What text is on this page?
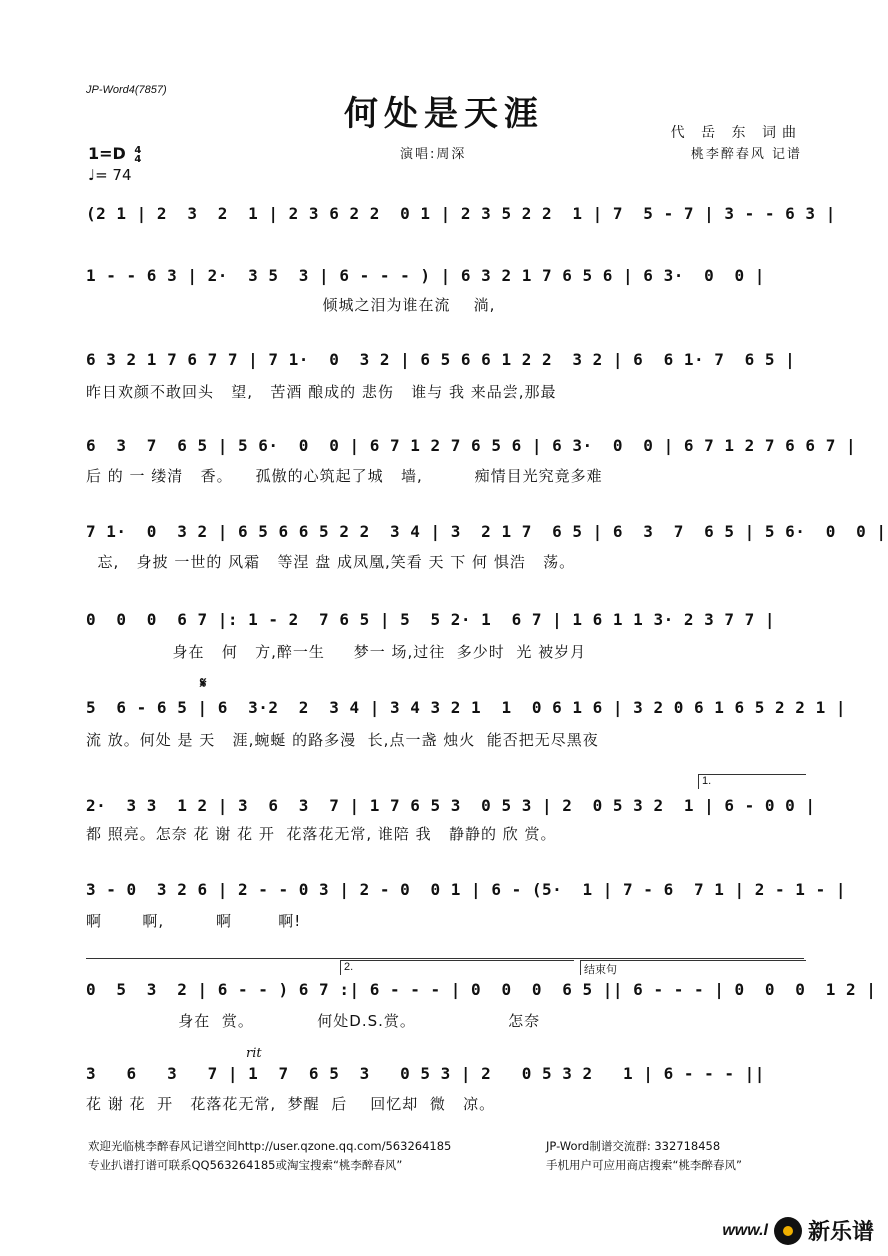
JP-Word4(7857)
何处是天涯	代 岳 东 词曲
桃李醉春风 记谱
演唱:周深
1=D 4
4
♩= 74
(2 1 | 2  3  2  1 | 2 3 6 2 2  0 1 | 2 3 5 2 2  1 | 7  5 - 7 | 3 - - 6 3 |
1 - - 6 3 | 2·  3 5  3 | 6 - - - ) | 6 3 2 1 7 6 5 6 | 6 3·  0  0 |
倾城之泪为谁在流    淌,
6 3 2 1 7 6 7 7 | 7 1·  0  3 2 | 6 5 6 6 1 2 2  3 2 | 6  6 1· 7  6 5 |
昨日欢颜不敢回头   望,   苦酒 酿成的 悲伤   谁与 我 来品尝,那最
6  3  7  6 5 | 5 6·  0  0 | 6 7 1 2 7 6 5 6 | 6 3·  0  0 | 6 7 1 2 7 6 6 7 |
后 的 一 缕清   香。    孤傲的心筑起了城   墙,         痴情目光究竟多难
7 1·  0  3 2 | 6 5 6 6 5 2 2  3 4 | 3  2 1 7  6 5 | 6  3  7  6 5 | 5 6·  0  0 |
忘,   身披 一世的 风霜   等涅 盘 成凤凰,笑看 天 下 何 惧浩   荡。
0  0  0  6 7 |: 1 - 2  7 6 5 | 5  5 2· 1  6 7 | 1 6 1 1 3· 2 3 7 7 |
身在   何   方,醉一生     梦一 场,过往  多少时  光 被岁月
𝄋
5  6 - 6 5 | 6  3·2  2  3 4 | 3 4 3 2 1  1  0 6 1 6 | 3 2 0 6 1 6 5 2 2 1 |
流 放。何处 是 天   涯,蜿蜒 的路多漫  长,点一盏 烛火  能否把无尽黑夜
1.
2·  3 3  1 2 | 3  6  3  7 | 1 7 6 5 3  0 5 3 | 2  0 5 3 2  1 | 6 - 0 0 |
都 照亮。怎奈 花 谢 花 开  花落花无常, 谁陪 我   静静的 欣 赏。
3 - 0  3 2 6 | 2 - - 0 3 | 2 - 0  0 1 | 6 - (5·  1 | 7 - 6  7 1 | 2 - 1 - |
啊       啊,         啊        啊!
2.	结束句
0  5  3  2 | 6 - - ) 6 7 :| 6 - - - | 0  0  0  6 5 || 6 - - - | 0  0  0  1 2 |
身在  赏。           何处D.S.赏。                怎奈
rit
3   6   3   7 | 1  7  6 5  3   0 5 3 | 2   0 5 3 2   1 | 6 - - - ||
花 谢 花  开   花落花无常,  梦醒  后    回忆却  微   凉。
欢迎光临桃李醉春风记谱空间http://user.qzone.qq.com/563264185	JP-Word制谱交流群: 332718458
专业扒谱打谱可联系QQ563264185或淘宝搜索“桃李醉春风”	手机用户可应用商店搜索“桃李醉春风”
www.l 新乐谱
